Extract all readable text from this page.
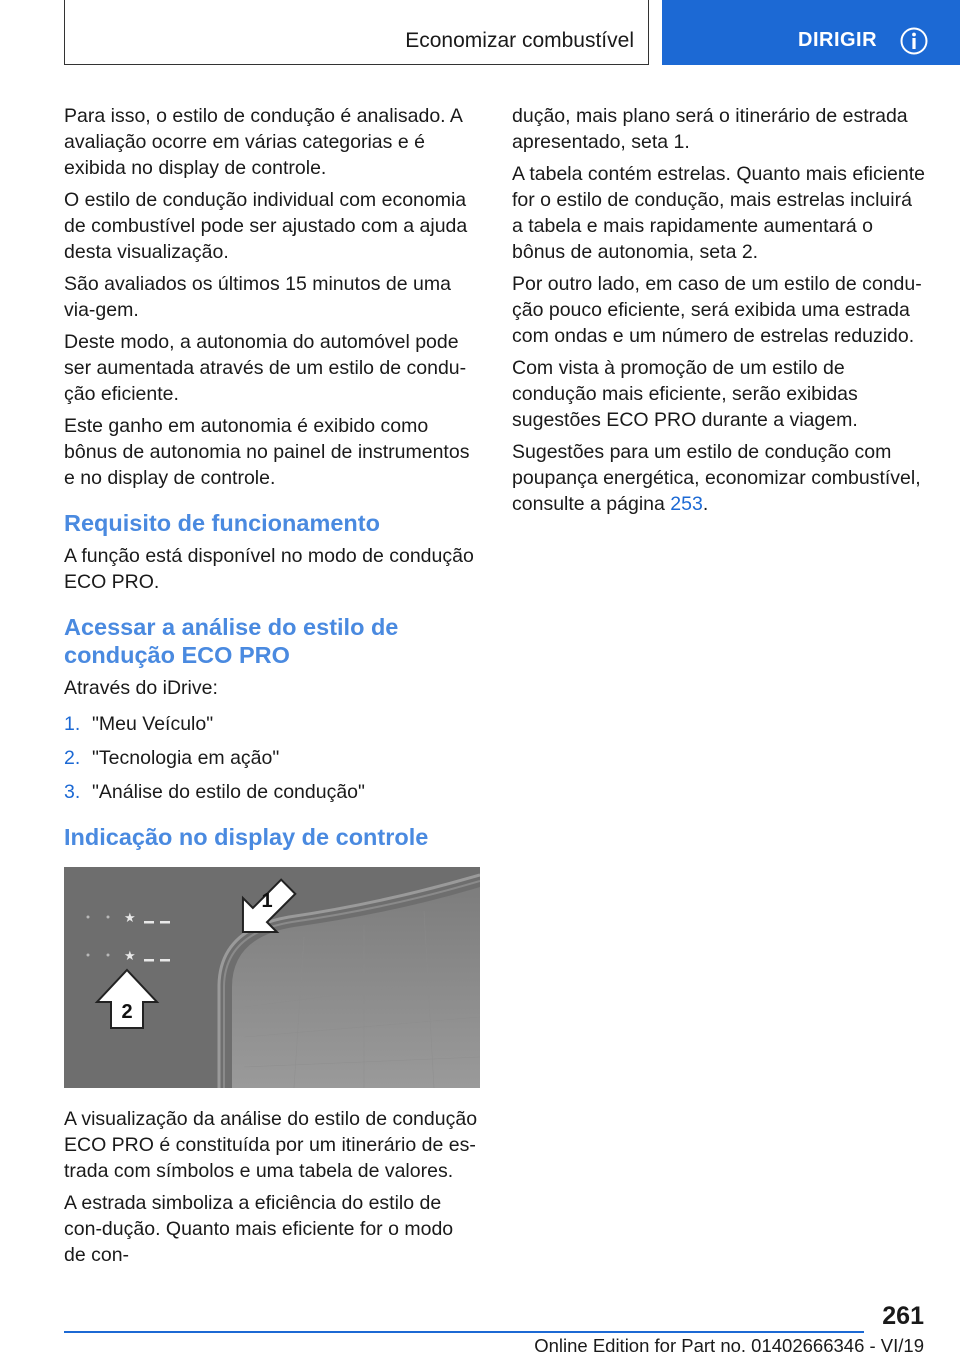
Economizar combustível	DIRIGIR

Para isso, o estilo de condução é analisado. A avaliação ocorre em várias categorias e é exibida no display de controle.

O estilo de condução individual com economia de combustível pode ser ajustado com a ajuda desta visualização.

São avaliados os últimos 15 minutos de uma via-gem.

Deste modo, a autonomia do automóvel pode ser aumentada através de um estilo de condu-ção eficiente.

Este ganho em autonomia é exibido como bônus de autonomia no painel de instrumentos e no display de controle.

Requisito de funcionamento

A função está disponível no modo de condução ECO PRO.

Acessar a análise do estilo de condução ECO PRO

Através do iDrive:

1. "Meu Veículo"
2. "Tecnologia em ação"
3. "Análise do estilo de condução"
Indicação no display de controle
★
★
1
2

A visualização da análise do estilo de condução ECO PRO é constituída por um itinerário de es-trada com símbolos e uma tabela de valores.

A estrada simboliza a eficiência do estilo de con-dução. Quanto mais eficiente for o modo de con-

dução, mais plano será o itinerário de estrada apresentado, seta 1.

A tabela contém estrelas. Quanto mais eficiente for o estilo de condução, mais estrelas incluirá a tabela e mais rapidamente aumentará o bônus de autonomia, seta 2.

Por outro lado, em caso de um estilo de condu-ção pouco eficiente, será exibida uma estrada com ondas e um número de estrelas reduzido.

Com vista à promoção de um estilo de condução mais eficiente, serão exibidas sugestões ECO PRO durante a viagem.

Sugestões para um estilo de condução com poupança energética, economizar combustível, consulte a página 253.

261
Online Edition for Part no. 01402666346 - VI/19
